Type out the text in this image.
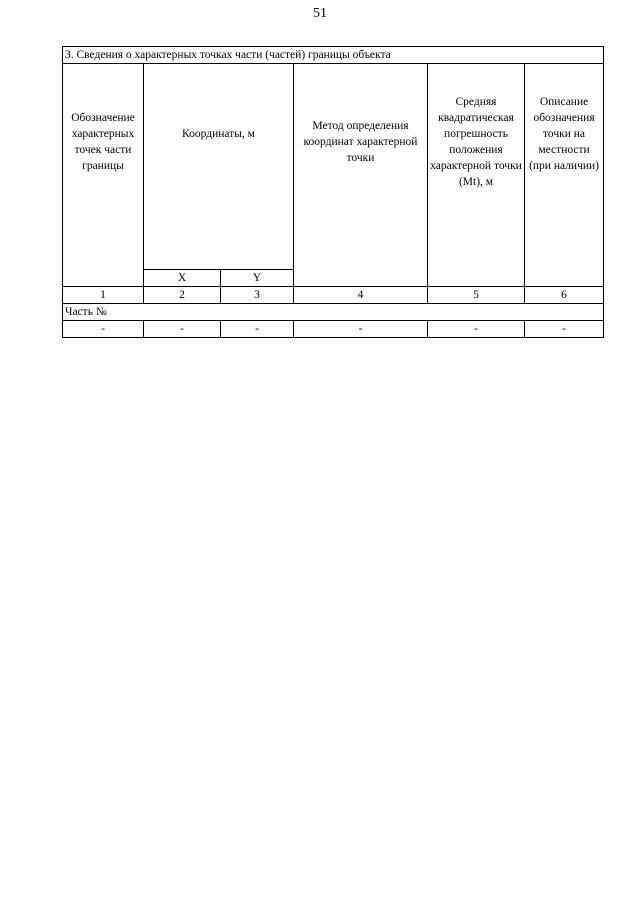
51
3. Сведения о характерных точках части (частей) границы объекта					
Обозначение характерных точек части границы	Координаты, м		Метод определения координат характерной точки	Средняя квадратическая погрешность положения характерной точки (Mt), м	Описание обозначения точки на местности (при наличии)
	X	Y			
1	2	3	4	5	6
Часть №					
-	-	-	-	-	-
